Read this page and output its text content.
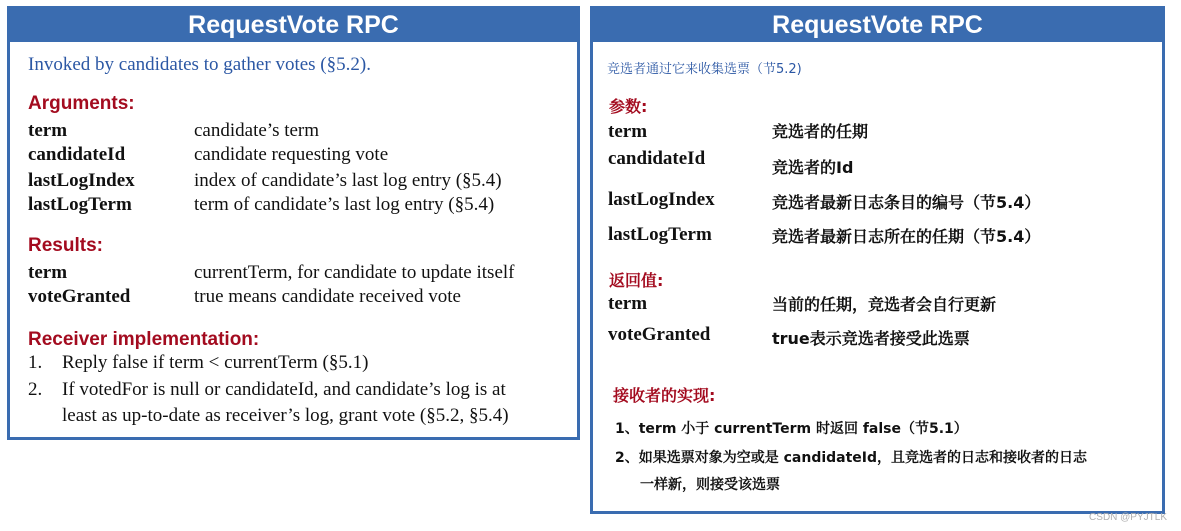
RequestVote RPC
Invoked by candidates to gather votes (§5.2).
Arguments:
term	candidate’s term
candidateId	candidate requesting vote
lastLogIndex	index of candidate’s last log entry (§5.4)
lastLogTerm	term of candidate’s last log entry (§5.4)
Results:
term	currentTerm, for candidate to update itself
voteGranted	true means candidate received vote
Receiver implementation:
1. Reply false if term < currentTerm (§5.1)
2. If votedFor is null or candidateId, and candidate’s log is at
least as up-to-date as receiver’s log, grant vote (§5.2, §5.4)
RequestVote RPC
竞选者通过它来收集选票（节5.2)
参数:
term	竞选者的任期
candidateId	竞选者的Id
lastLogIndex	竞选者最新日志条目的编号（节5.4）
lastLogTerm	竞选者最新日志所在的任期（节5.4）
返回值:
term	当前的任期，竞选者会自行更新
voteGranted	true表示竞选者接受此选票
接收者的实现:
1、term 小于 currentTerm 时返回 false（节5.1）
2、如果选票对象为空或是 candidateId，且竞选者的日志和接收者的日志
一样新，则接受该选票
CSDN @PYJTLK
